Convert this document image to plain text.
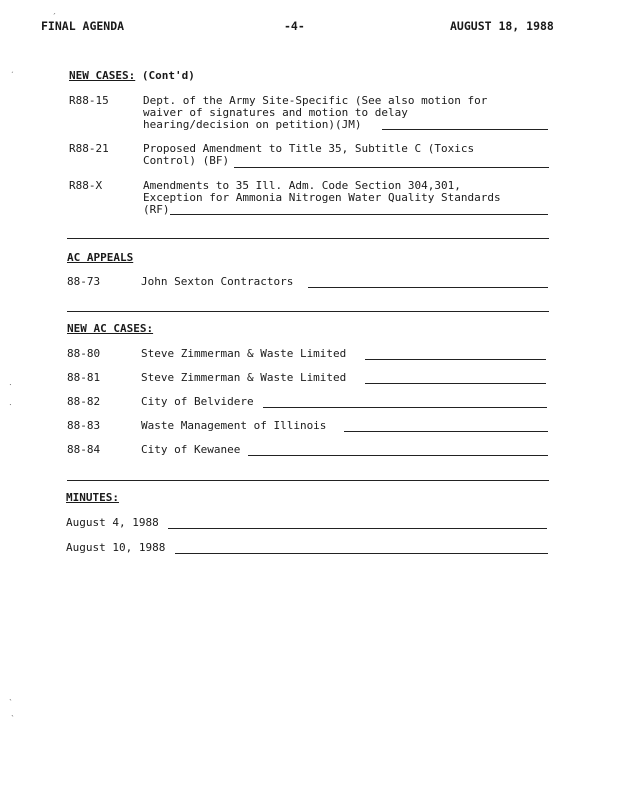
FINAL AGENDA	-4-	AUGUST 18, 1988
ˊ
ˏ
ˑ
ˑ
ˎ
ˎ
NEW CASES: (Cont'd)
R88-15	Dept. of the Army Site-Specific (See also motion for
waiver of signatures and motion to delay
hearing/decision on petition)(JM)
R88-21	Proposed Amendment to Title 35, Subtitle C (Toxics
Control) (BF)
R88-X	Amendments to 35 Ill. Adm. Code Section 304,301,
Exception for Ammonia Nitrogen Water Quality Standards
(RF)
AC APPEALS
88-73	John Sexton Contractors
NEW AC CASES:
88-80	Steve Zimmerman & Waste Limited
88-81	Steve Zimmerman & Waste Limited
88-82	City of Belvidere
88-83	Waste Management of Illinois
88-84	City of Kewanee
MINUTES:
August 4, 1988
August 10, 1988
